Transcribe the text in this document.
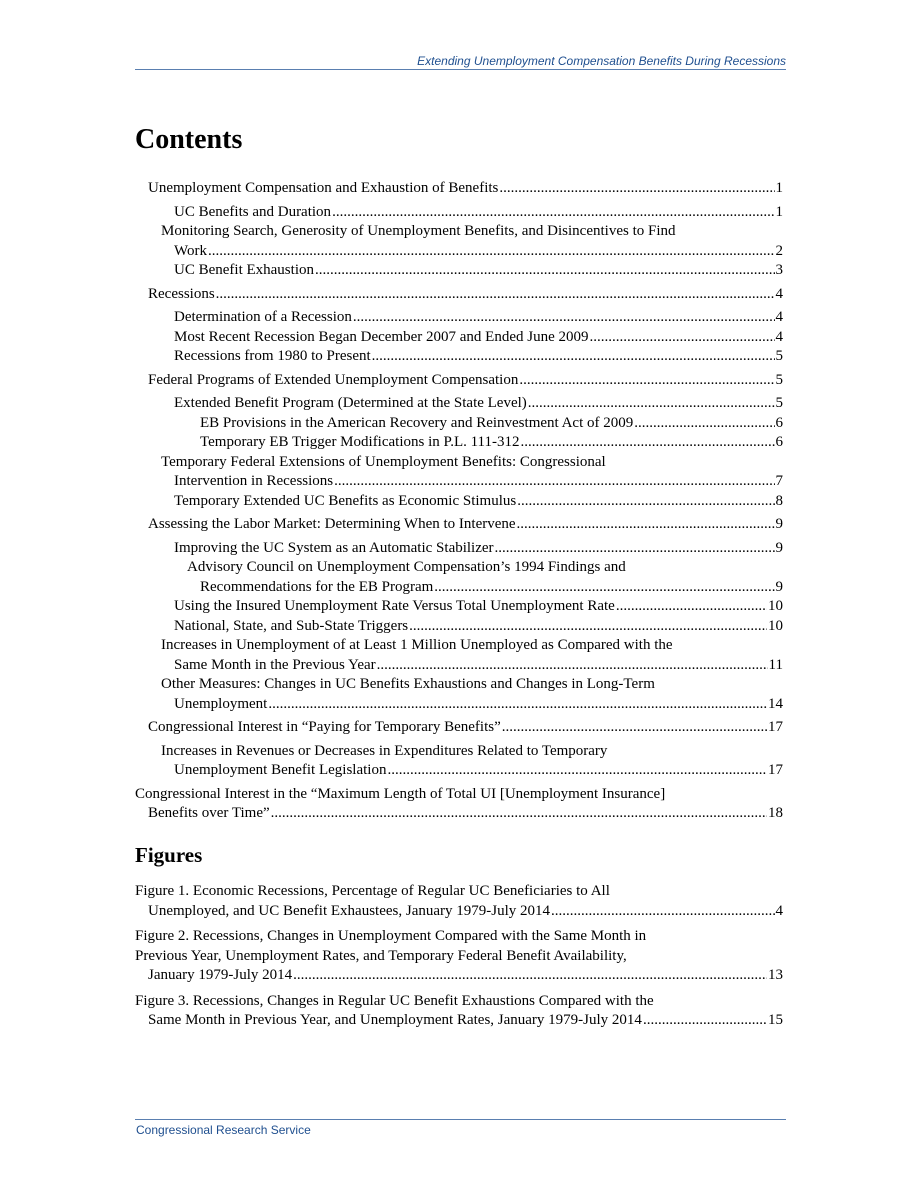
Extending Unemployment Compensation Benefits During Recessions
Contents
Unemployment Compensation and Exhaustion of Benefits .....	1
UC Benefits and Duration .....	1
Monitoring Search, Generosity of Unemployment Benefits, and Disincentives to Find
Work .....	2
UC Benefit Exhaustion .....	3
Recessions .....	4
Determination of a Recession .....	4
Most Recent Recession Began December 2007 and Ended June 2009 .....	4
Recessions from 1980 to Present .....	5
Federal Programs of Extended Unemployment Compensation .....	5
Extended Benefit Program (Determined at the State Level) .....	5
EB Provisions in the American Recovery and Reinvestment Act of 2009 .....	6
Temporary EB Trigger Modifications in P.L. 111-312 .....	6
Temporary Federal Extensions of Unemployment Benefits: Congressional
Intervention in Recessions .....	7
Temporary Extended UC Benefits as Economic Stimulus .....	8
Assessing the Labor Market: Determining When to Intervene .....	9
Improving the UC System as an Automatic Stabilizer .....	9
Advisory Council on Unemployment Compensation’s 1994 Findings and
Recommendations for the EB Program .....	9
Using the Insured Unemployment Rate Versus Total Unemployment Rate .....	10
National, State, and Sub-State Triggers .....	10
Increases in Unemployment of at Least 1 Million Unemployed as Compared with the
Same Month in the Previous Year .....	11
Other Measures: Changes in UC Benefits Exhaustions and Changes in Long-Term
Unemployment .....	14
Congressional Interest in “Paying for Temporary Benefits” .....	17
Increases in Revenues or Decreases in Expenditures Related to Temporary
Unemployment Benefit Legislation .....	17
Congressional Interest in the “Maximum Length of Total UI [Unemployment Insurance]
Benefits over Time” .....	18
Figures
Figure 1. Economic Recessions, Percentage of Regular UC Beneficiaries to All
Unemployed, and UC Benefit Exhaustees, January 1979-July 2014 .....	4
Figure 2. Recessions, Changes in Unemployment Compared with the Same Month in
Previous Year, Unemployment Rates, and Temporary Federal Benefit Availability,
January 1979-July 2014 .....	13
Figure 3. Recessions, Changes in Regular UC Benefit Exhaustions Compared with the
Same Month in Previous Year, and Unemployment Rates, January 1979-July 2014 .....	15
Congressional Research Service
